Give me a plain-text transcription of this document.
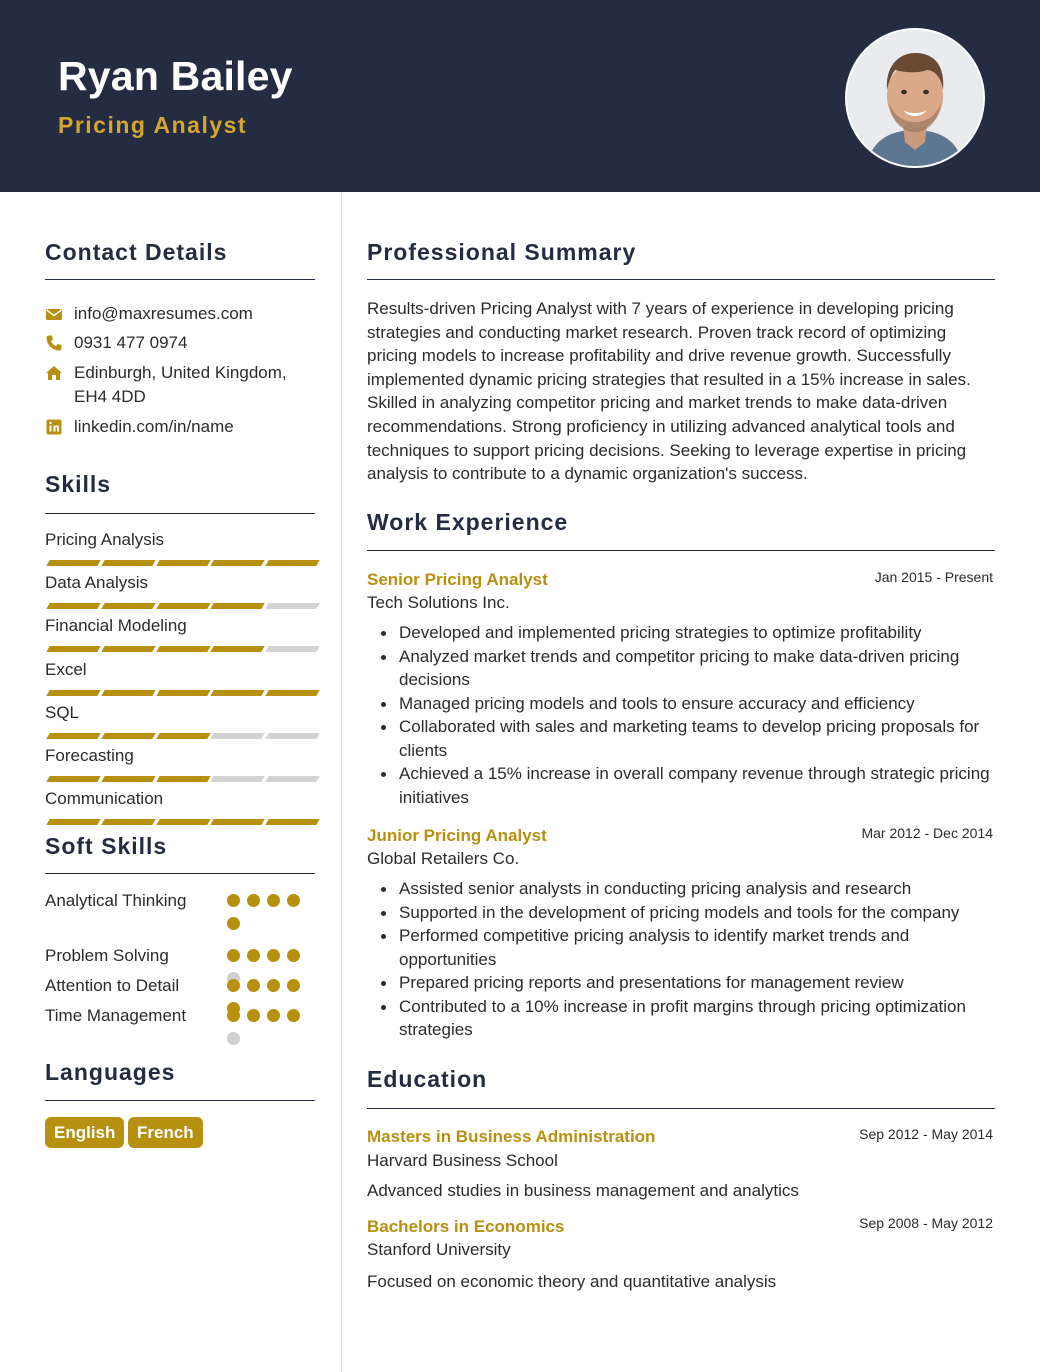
Ryan Bailey
Pricing Analyst
Contact Details
info@maxresumes.com
0931 477 0974
Edinburgh, United Kingdom, EH4 4DD
linkedin.com/in/name
Skills
Pricing Analysis
Data Analysis
Financial Modeling
Excel
SQL
Forecasting
Communication
Soft Skills
Analytical Thinking
Problem Solving
Attention to Detail
Time Management
Languages
English	French
Professional Summary

Results-driven Pricing Analyst with 7 years of experience in developing pricing strategies and conducting market research. Proven track record of optimizing pricing models to increase profitability and drive revenue growth. Successfully implemented dynamic pricing strategies that resulted in a 15% increase in sales. Skilled in analyzing competitor pricing and market trends to make data-driven recommendations. Strong proficiency in utilizing advanced analytical tools and techniques to support pricing decisions. Seeking to leverage expertise in pricing analysis to contribute to a dynamic organization's success.

Work Experience
Senior Pricing Analyst	Jan 2015 - Present
Tech Solutions Inc.
Developed and implemented pricing strategies to optimize profitability
Analyzed market trends and competitor pricing to make data-driven pricing decisions
Managed pricing models and tools to ensure accuracy and efficiency
Collaborated with sales and marketing teams to develop pricing proposals for clients
Achieved a 15% increase in overall company revenue through strategic pricing initiatives
Junior Pricing Analyst	Mar 2012 - Dec 2014
Global Retailers Co.
Assisted senior analysts in conducting pricing analysis and research
Supported in the development of pricing models and tools for the company
Performed competitive pricing analysis to identify market trends and opportunities
Prepared pricing reports and presentations for management review
Contributed to a 10% increase in profit margins through pricing optimization strategies
Education
Masters in Business Administration	Sep 2012 - May 2014
Harvard Business School
Advanced studies in business management and analytics
Bachelors in Economics	Sep 2008 - May 2012
Stanford University
Focused on economic theory and quantitative analysis
